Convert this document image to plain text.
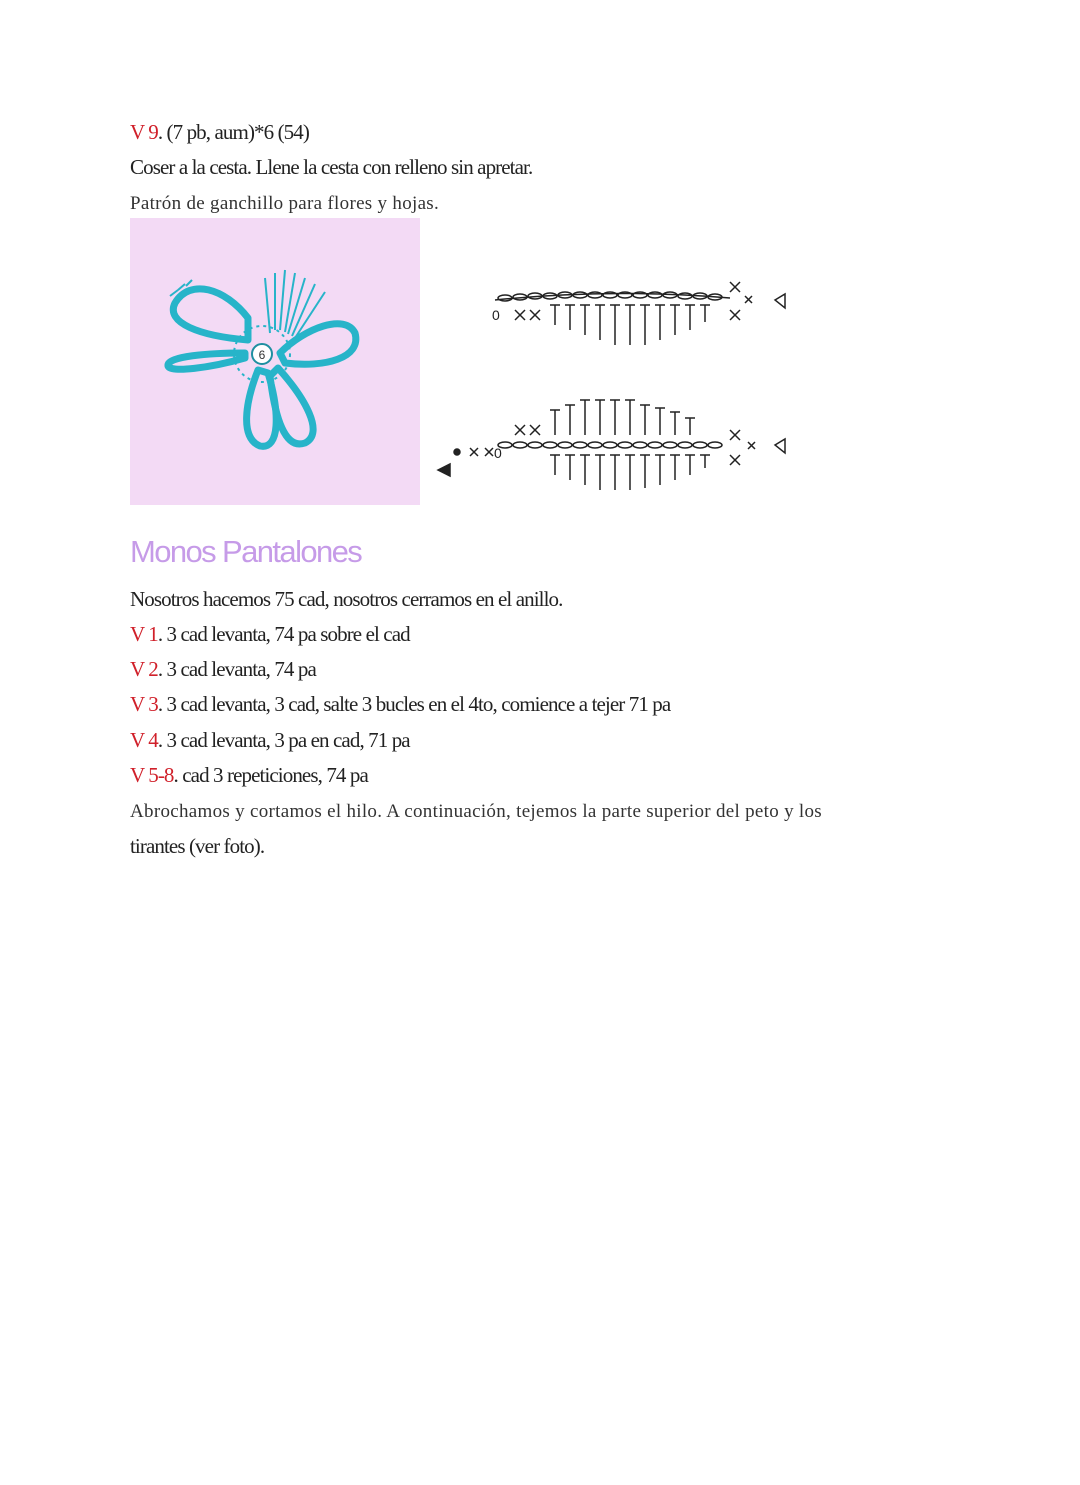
V 9. (7 pb, aum)*6 (54)
Coser a la cesta. Llene la cesta con relleno sin apretar.
Patrón de ganchillo para flores y hojas.
Monos Pantalones
Nosotros hacemos 75 cad, nosotros cerramos en el anillo.
V 1. 3 cad levanta, 74 pa sobre el cad
V 2. 3 cad levanta, 74 pa
V 3. 3 cad levanta, 3 cad, salte 3 bucles en el 4to, comience a tejer 71 pa
V 4. 3 cad levanta, 3 pa en cad, 71 pa
V 5-8. cad 3 repeticiones, 74 pa
Abrochamos y cortamos el hilo. A continuación, tejemos la parte superior del peto y los
tirantes (ver foto).
6
0
0
